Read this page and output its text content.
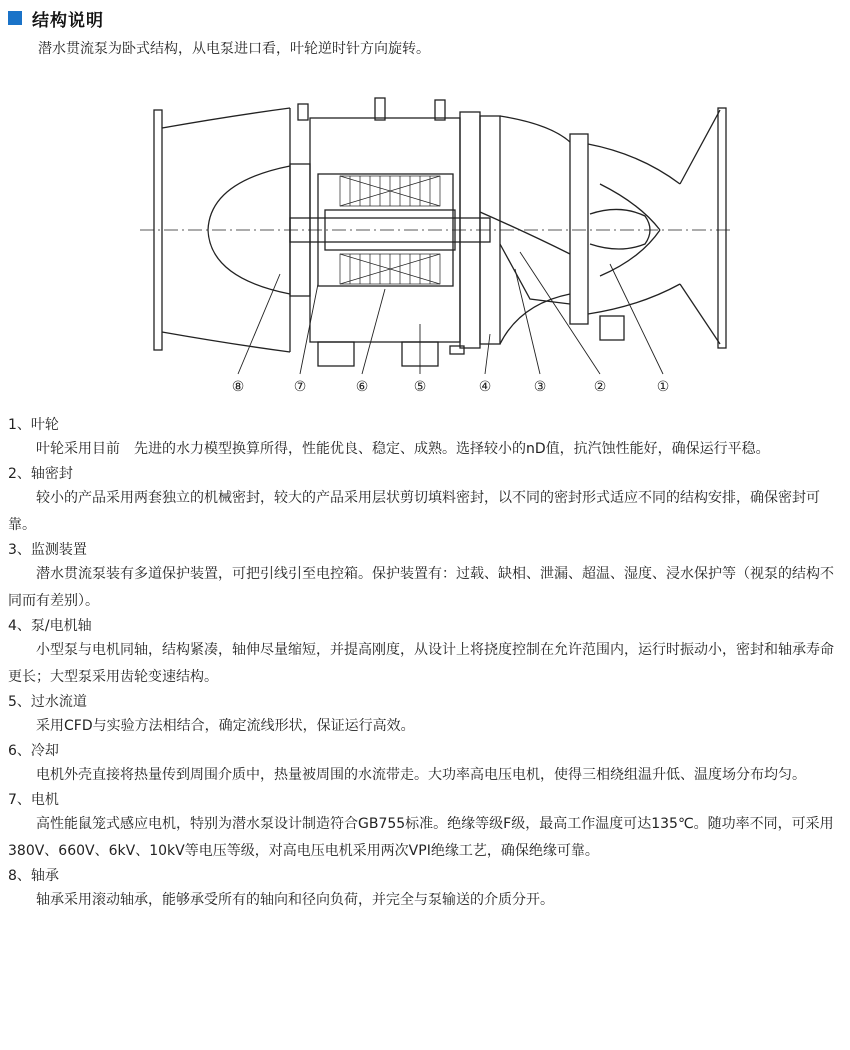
结构说明
潜水贯流泵为卧式结构，从电泵进口看，叶轮逆时针方向旋转。
⑧	⑦	⑥	⑤	④	③	②	①
1、叶轮
叶轮采用目前　先进的水力模型换算所得，性能优良、稳定、成熟。选择较小的nD值，抗汽蚀性能好，确保运行平稳。
2、轴密封
较小的产品采用两套独立的机械密封，较大的产品采用层状剪切填料密封，以不同的密封形式适应不同的结构安排，确保密封可靠。
3、监测装置
潜水贯流泵装有多道保护装置，可把引线引至电控箱。保护装置有：过载、缺相、泄漏、超温、湿度、浸水保护等（视泵的结构不同而有差别）。
4、泵/电机轴
小型泵与电机同轴，结构紧凑，轴伸尽量缩短，并提高刚度，从设计上将挠度控制在允许范围内，运行时振动小，密封和轴承寿命更长；大型泵采用齿轮变速结构。
5、过水流道
采用CFD与实验方法相结合，确定流线形状，保证运行高效。
6、冷却
电机外壳直接将热量传到周围介质中，热量被周围的水流带走。大功率高电压电机，使得三相绕组温升低、温度场分布均匀。
7、电机
高性能鼠笼式感应电机，特别为潜水泵设计制造符合GB755标准。绝缘等级F级，最高工作温度可达135℃。随功率不同，可采用380V、660V、6kV、10kV等电压等级，对高电压电机采用两次VPI绝缘工艺，确保绝缘可靠。
8、轴承
轴承采用滚动轴承，能够承受所有的轴向和径向负荷，并完全与泵输送的介质分开。
